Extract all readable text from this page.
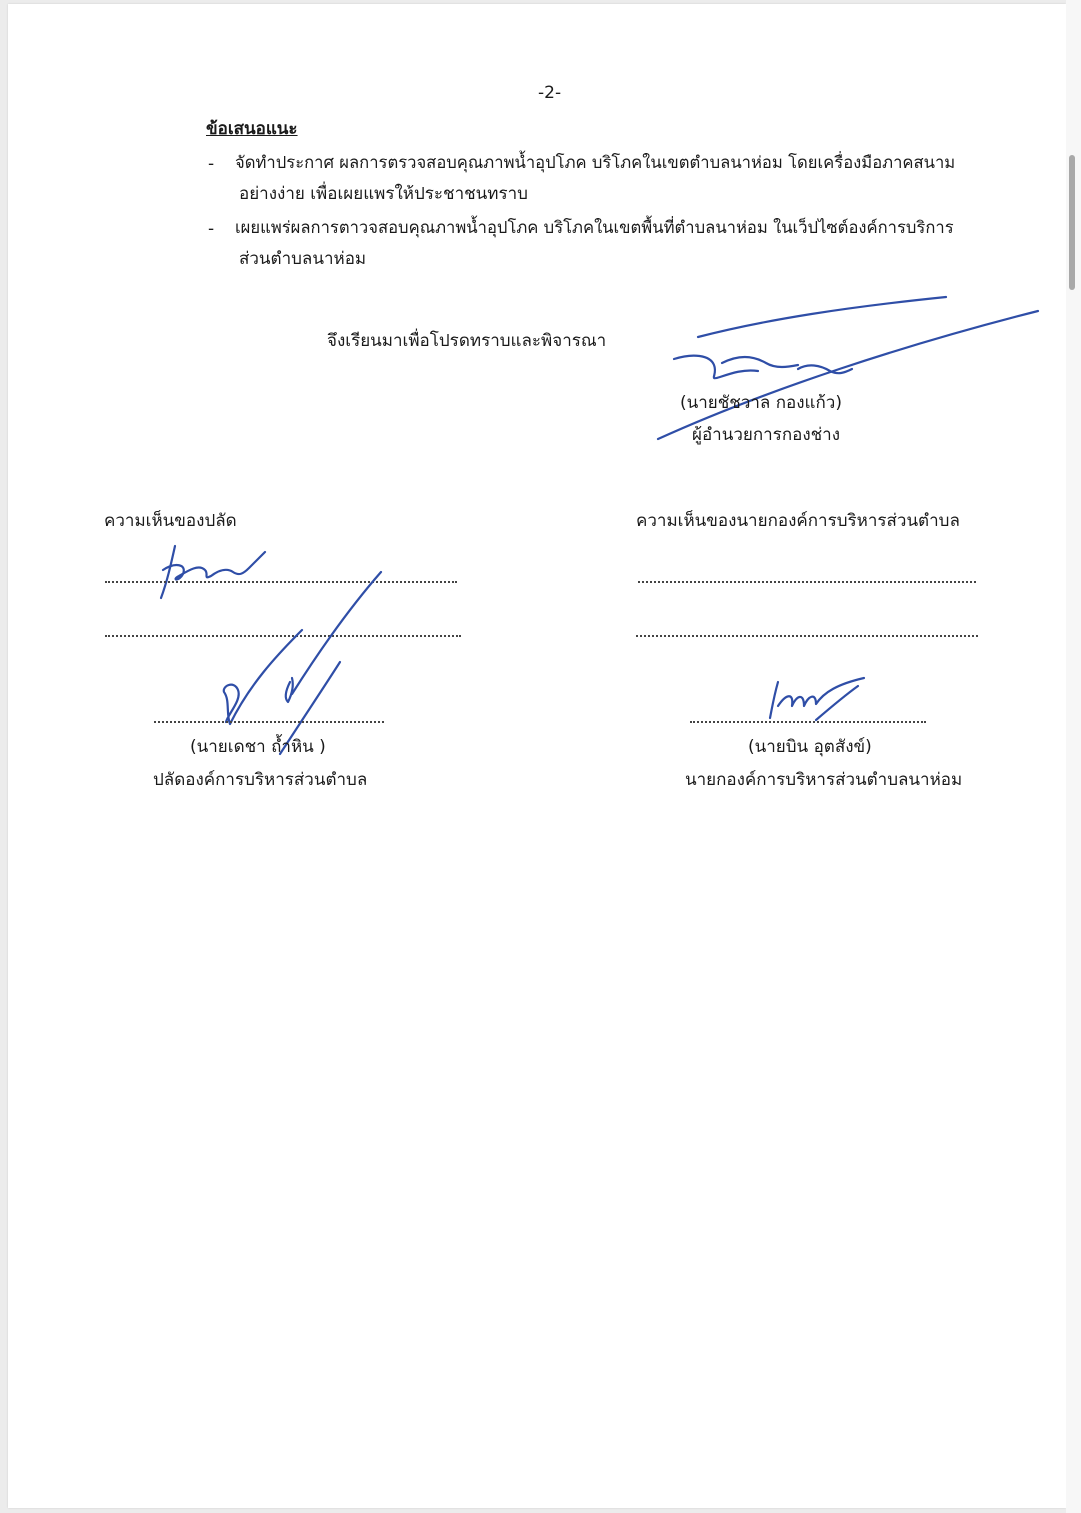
-2-
ข้อเสนอแนะ
- จัดทำประกาศ ผลการตรวจสอบคุณภาพน้ำอุปโภค บริโภคในเขตตำบลนาห่อม โดยเครื่องมือภาคสนาม
อย่างง่าย เพื่อเผยแพรให้ประชาชนทราบ
- เผยแพร่ผลการตาวจสอบคุณภาพน้ำอุปโภค บริโภคในเขตพื้นที่ตำบลนาห่อม ในเว็ปไซต์องค์การบริการ
ส่วนตำบลนาห่อม
จึงเรียนมาเพื่อโปรดทราบและพิจารณา
(นายชัชวาล กองแก้ว)
ผู้อำนวยการกองช่าง
ความเห็นของปลัด
(นายเดชา ถ้ำหิน )
ปลัดองค์การบริหารส่วนตำบล
ความเห็นของนายกองค์การบริหารส่วนตำบล
(นายบิน อุตสังข์)
นายกองค์การบริหารส่วนตำบลนาห่อม
